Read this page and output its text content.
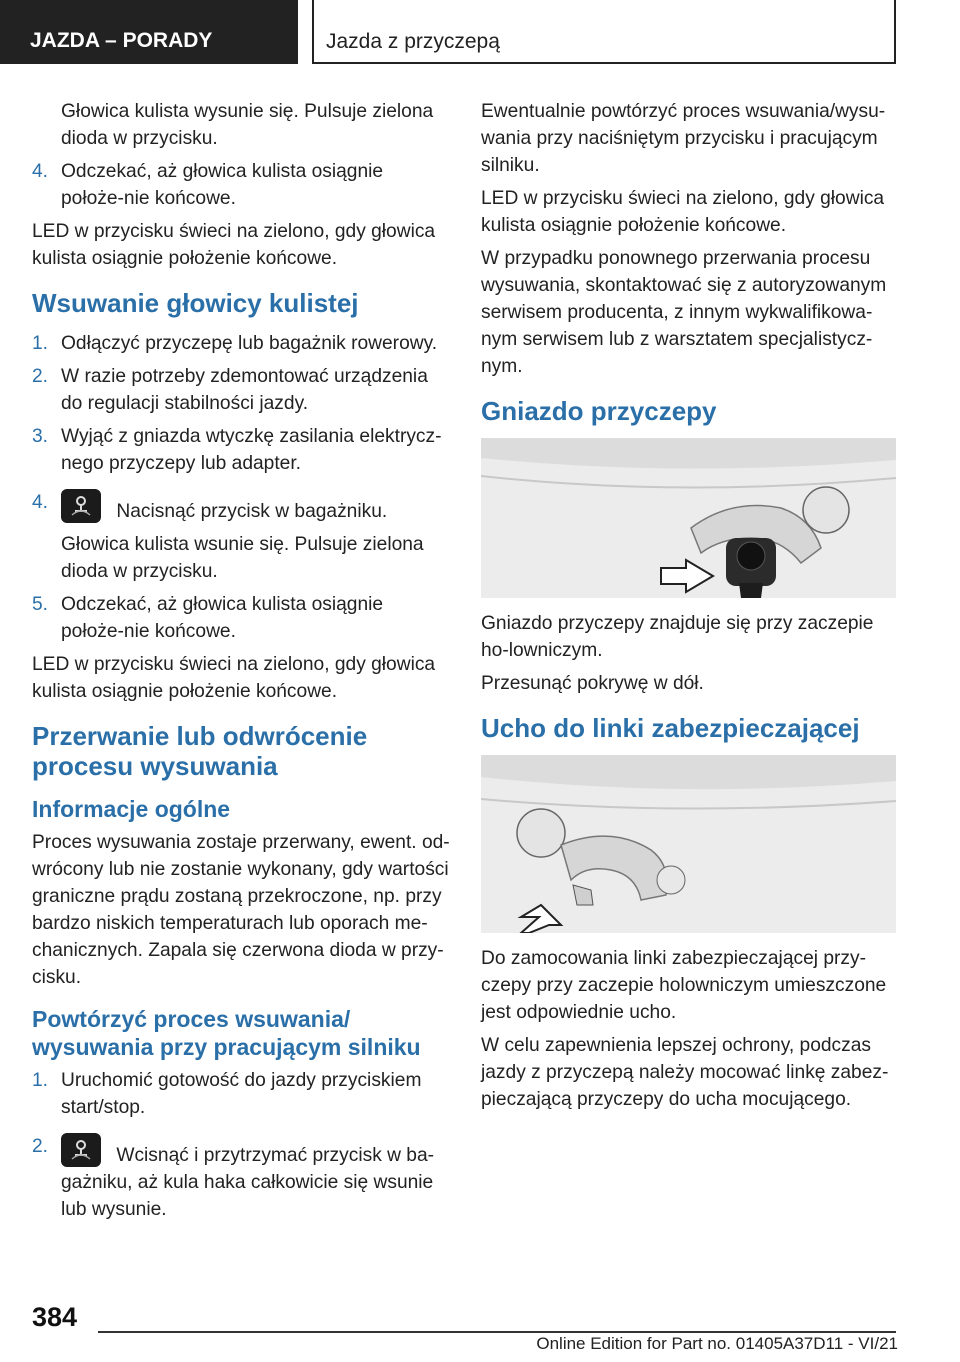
JAZDA – PORADY	Jazda z przyczepą

Głowica kulista wysunie się. Pulsuje zielona dioda w przycisku.

4. Odczekać, aż głowica kulista osiągnie położe‐nie końcowe.

LED w przycisku świeci na zielono, gdy głowica kulista osiągnie położenie końcowe.

Wsuwanie głowicy kulistej
1. Odłączyć przyczepę lub bagażnik rowerowy.
2. W razie potrzeby zdemontować urządzenia do regulacji stabilności jazdy.
3. Wyjąć z gniazda wtyczkę zasilania elektrycz‐nego przyczepy lub adapter.
4.	Nacisnąć przycisk w bagażniku.

Głowica kulista wsunie się. Pulsuje zielona dioda w przycisku.

5. Odczekać, aż głowica kulista osiągnie położe‐nie końcowe.

LED w przycisku świeci na zielono, gdy głowica kulista osiągnie położenie końcowe.

Przerwanie lub odwrócenie procesu wysuwania
Informacje ogólne

Proces wysuwania zostaje przerwany, ewent. od‐wrócony lub nie zostanie wykonany, gdy wartości graniczne prądu zostaną przekroczone, np. przy bardzo niskich temperaturach lub oporach me‐chanicznych. Zapala się czerwona dioda w przy‐cisku.

Powtórzyć proces wsuwania/ wysuwania przy pracującym silniku
1. Uruchomić gotowość do jazdy przyciskiem start/stop.
2.	Wcisnąć i przytrzymać przycisk w ba‐gażniku, aż kula haka całkowicie się wsunie lub wysunie.

Ewentualnie powtórzyć proces wsuwania/wysu‐wania przy naciśniętym przycisku i pracującym silniku.

LED w przycisku świeci na zielono, gdy głowica kulista osiągnie położenie końcowe.

W przypadku ponownego przerwania procesu wysuwania, skontaktować się z autoryzowanym serwisem producenta, z innym wykwalifikowa‐nym serwisem lub z warsztatem specjalistycz‐nym.

Gniazdo przyczepy

Gniazdo przyczepy znajduje się przy zaczepie ho‐lowniczym.

Przesunąć pokrywę w dół.

Ucho do linki zabezpieczającej

Do zamocowania linki zabezpieczającej przy‐czepy przy zaczepie holowniczym umieszczone jest odpowiednie ucho.

W celu zapewnienia lepszej ochrony, podczas jazdy z przyczepą należy mocować linkę zabez‐pieczającą przyczepy do ucha mocującego.

384
Online Edition for Part no. 01405A37D11 - VI/21
